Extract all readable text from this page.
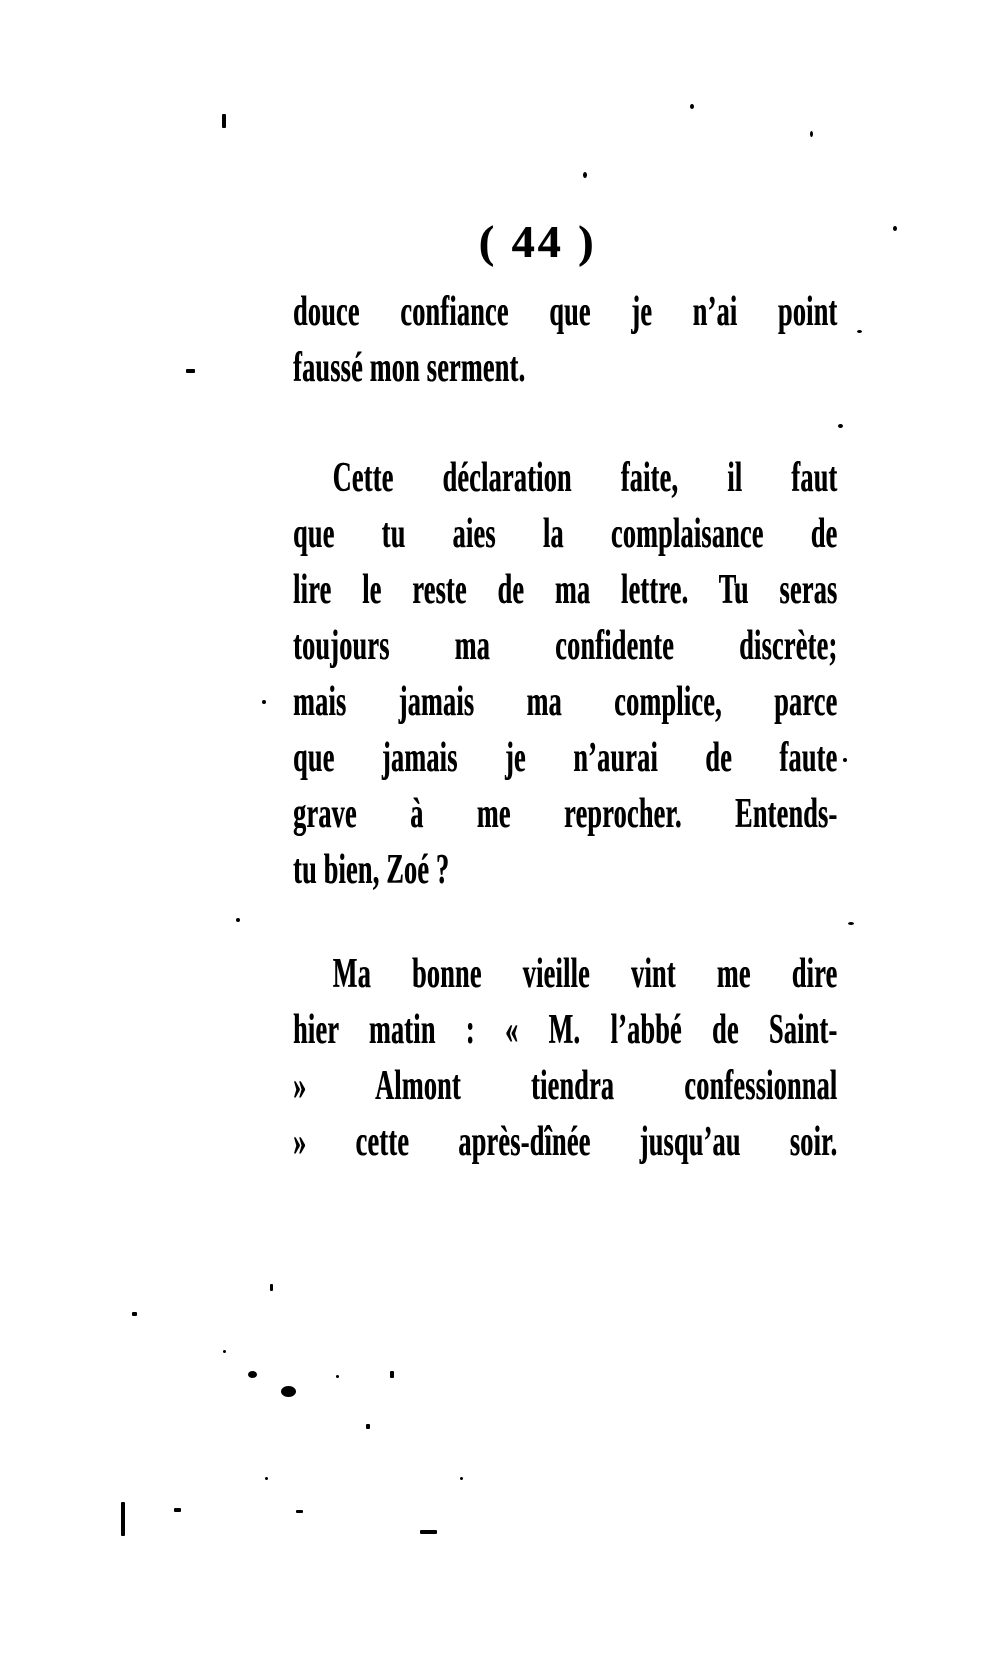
( 44 )
douce confiance que je n’ai point
faussé mon serment.
Cette déclaration faite, il faut
que tu aies la complaisance de
lire le reste de ma lettre. Tu seras
toujours ma confidente discrète;
mais jamais ma complice, parce
que jamais je n’aurai de faute
grave à me reprocher. Entends-
tu bien, Zoé ?
Ma bonne vieille vint me dire
hier matin : « M. l’abbé de Saint-
» Almont tiendra confessionnal
» cette après-dînée jusqu’au soir.
